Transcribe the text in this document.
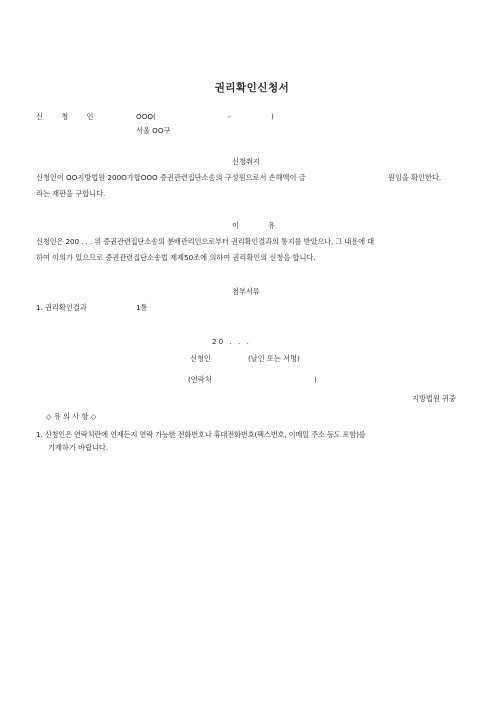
권리확인신청서
신 청 인	OOO(	-	)
서울 OO구
신청취지
신청인이 OO지방법원 200O가합OOO 증권관련집단소송의 구성원으로서 손해액이 금	원임을 확인한다.
라는 재판을 구합니다.
이	유
신청인은 200 . . . 위 증권관련집단소송의 분배관리인으로부터 권리확인결과의 통지를 받았으나, 그 내용에 대
하여 이의가 있으므로 증권관련집단소송법 제제50조에 의하여 권리확인의 신청을 합니다.
첨부서류
1. 권리확인결과	1통
20 . . .
신청인	(날인 또는 서명)
(연락처	)
지방법원 귀중
◇ 유 의 사 항 ◇
1. 신청인은 연락처란에 언제든지 연락 가능한 전화번호나 휴대전화번호(팩스번호, 이메일 주소 등도 포함)를
기재하기 바랍니다.
